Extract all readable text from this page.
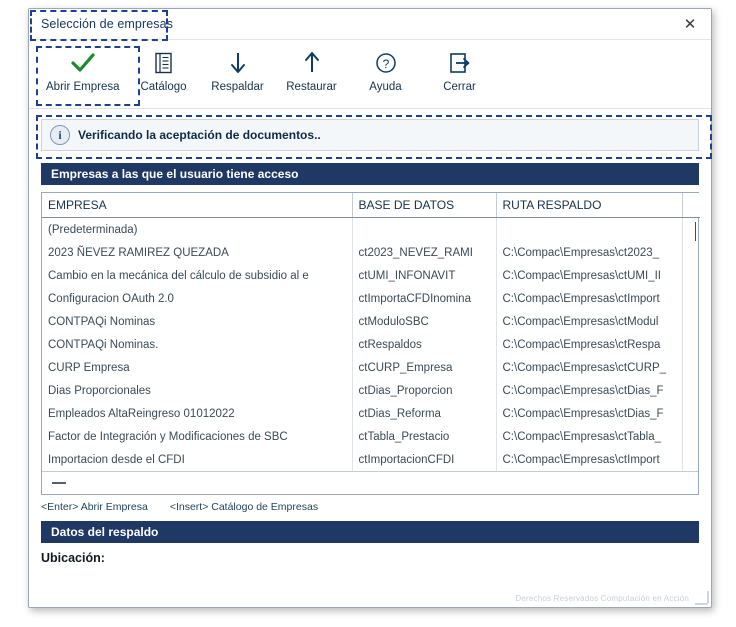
Selección de empresas	✕
Abrir Empresa Catálogo Respaldar Restaurar
?
Ayuda	Cerrar
i	Verificando la aceptación de documentos..
Empresas a las que el usuario tiene acceso
EMPRESA	BASE DE DATOS	RUTA RESPALDO	
(Predeterminada)			

2023 ÑEVEZ RAMIREZ QUEZADA	ct2023_NEVEZ_RAMI	C:\Compac\Empresas\ct2023_	
Cambio en la mecánica del cálculo de subsidio al e	ctUMI_INFONAVIT	C:\Compac\Empresas\ctUMI_II	
Configuracion OAuth 2.0	ctImportaCFDInomina	C:\Compac\Empresas\ctImport	
CONTPAQi Nominas	ctModuloSBC	C:\Compac\Empresas\ctModul	
CONTPAQi Nominas.	ctRespaldos	C:\Compac\Empresas\ctRespa	
CURP Empresa	ctCURP_Empresa	C:\Compac\Empresas\ctCURP_	
Dias Proporcionales	ctDias_Proporcion	C:\Compac\Empresas\ctDias_F	
Empleados AltaReingreso 01012022	ctDias_Reforma	C:\Compac\Empresas\ctDias_F	
Factor de Integración y Modificaciones de SBC	ctTabla_Prestacio	C:\Compac\Empresas\ctTabla_	
Importacion desde el CFDI	ctImportacionCFDI	C:\Compac\Empresas\ctImport	
<Enter> Abrir Empresa <Insert> Catálogo de Empresas
Datos del respaldo
Ubicación:
Derechos Reservados Computación en Acción
